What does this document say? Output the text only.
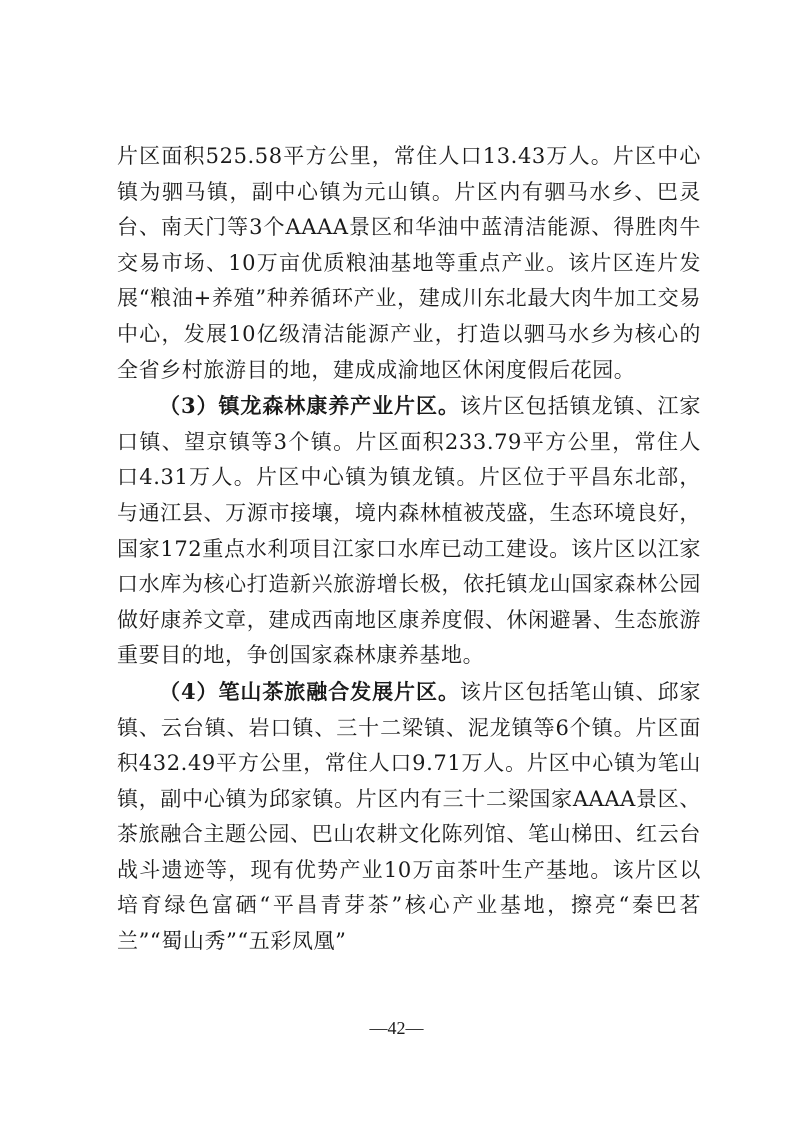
片区面积525.58平方公里，常住人口13.43万人。片区中心镇为驷马镇，副中心镇为元山镇。片区内有驷马水乡、巴灵台、南天门等3个AAAA景区和华油中蓝清洁能源、得胜肉牛交易市场、10万亩优质粮油基地等重点产业。该片区连片发展“粮油+养殖”种养循环产业，建成川东北最大肉牛加工交易中心，发展10亿级清洁能源产业，打造以驷马水乡为核心的全省乡村旅游目的地，建成成渝地区休闲度假后花园。

（3）镇龙森林康养产业片区。该片区包括镇龙镇、江家口镇、望京镇等3个镇。片区面积233.79平方公里，常住人口4.31万人。片区中心镇为镇龙镇。片区位于平昌东北部，与通江县、万源市接壤，境内森林植被茂盛，生态环境良好，国家172重点水利项目江家口水库已动工建设。该片区以江家口水库为核心打造新兴旅游增长极，依托镇龙山国家森林公园做好康养文章，建成西南地区康养度假、休闲避暑、生态旅游重要目的地，争创国家森林康养基地。

（4）笔山茶旅融合发展片区。该片区包括笔山镇、邱家镇、云台镇、岩口镇、三十二梁镇、泥龙镇等6个镇。片区面积432.49平方公里，常住人口9.71万人。片区中心镇为笔山镇，副中心镇为邱家镇。片区内有三十二梁国家AAAA景区、茶旅融合主题公园、巴山农耕文化陈列馆、笔山梯田、红云台战斗遗迹等，现有优势产业10万亩茶叶生产基地。该片区以培育绿色富硒“平昌青芽茶”核心产业基地，擦亮“秦巴茗兰”“蜀山秀”“五彩凤凰”

—42—
